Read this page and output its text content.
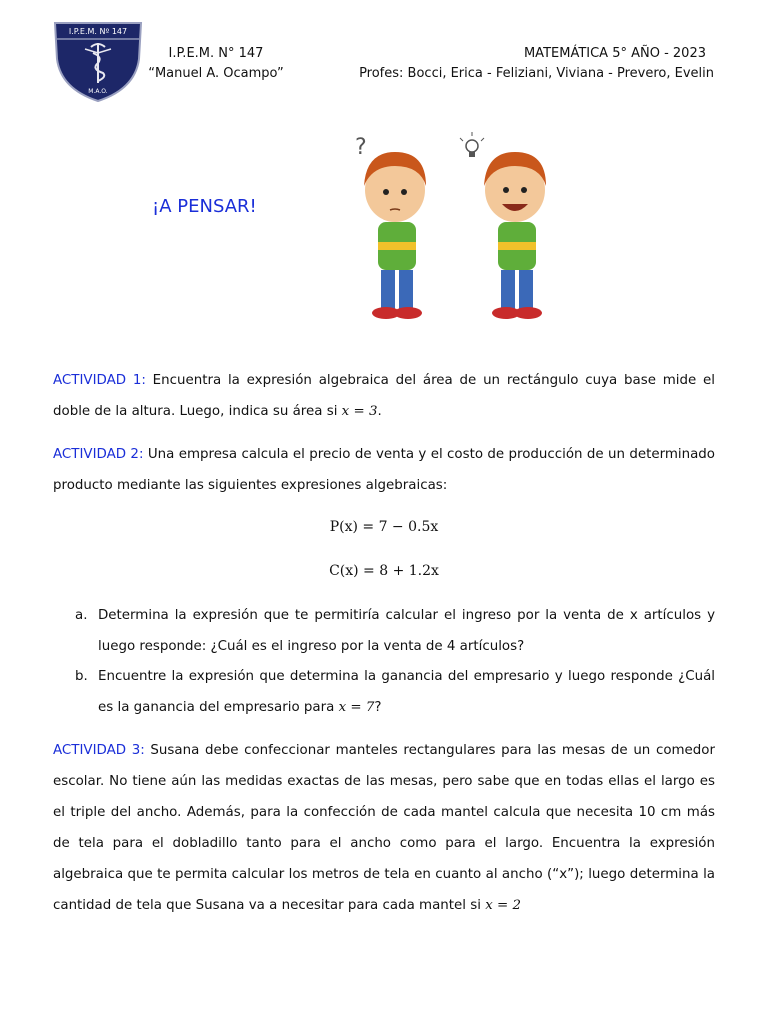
I.P.E.M. Nº 147
M.A.O.
I.P.E.M. N° 147
“Manuel A. Ocampo”
MATEMÁTICA 5° AÑO - 2023
Profes: Bocci, Erica - Feliziani, Viviana - Prevero, Evelin
¡A PENSAR!
?
ACTIVIDAD 1: Encuentra la expresión algebraica del área de un rectángulo cuya base mide el doble de la altura. Luego, indica su área si x = 3.
ACTIVIDAD 2: Una empresa calcula el precio de venta y el costo de producción de un determinado producto mediante las siguientes expresiones algebraicas:
P(x) = 7 − 0.5x
C(x) = 8 + 1.2x
a. Determina la expresión que te permitiría calcular el ingreso por la venta de x artículos y luego responde: ¿Cuál es el ingreso por la venta de 4 artículos?
b. Encuentre la expresión que determina la ganancia del empresario y luego responde ¿Cuál es la ganancia del empresario para x = 7?
ACTIVIDAD 3: Susana debe confeccionar manteles rectangulares para las mesas de un comedor escolar. No tiene aún las medidas exactas de las mesas, pero sabe que en todas ellas el largo es el triple del ancho. Además, para la confección de cada mantel calcula que necesita 10 cm más de tela para el dobladillo tanto para el ancho como para el largo. Encuentra la expresión algebraica que te permita calcular los metros de tela en cuanto al ancho (“x”); luego determina la cantidad de tela que Susana va a necesitar para cada mantel si x = 2
